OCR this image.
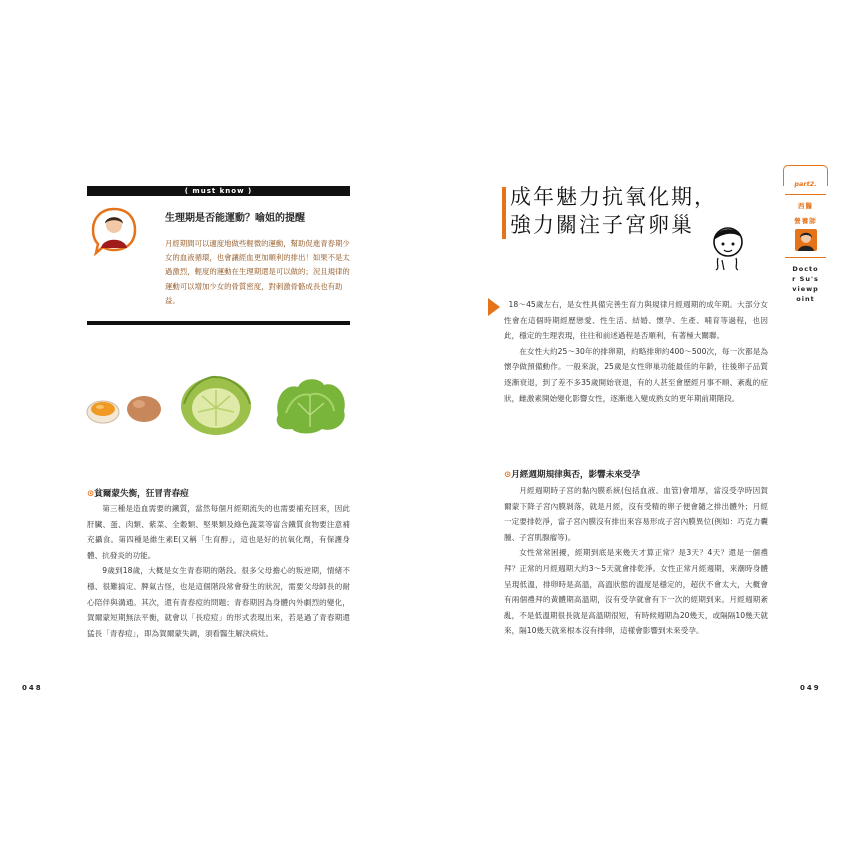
( must know )
生理期是否能運動？喻姐的提醒
月經期間可以適度地做些輕微的運動，幫助促進青春期少女的血液循環，也會讓經血更加順利的排出！如果不是太過激烈，輕度的運動在生理期還是可以做的；況且規律的運動可以增加少女的骨質密度，對刺激骨骼成長也有助益。
⊙貧爾蒙失衡，狂冒青春痘

第三種是造血需要的鐵質，當然每個月經期流失的也需要補充回來，因此肝臟、蛋、肉類、紫菜、全穀類、堅果類及綠色蔬菜等富含鐵質食物要注意補充攝食。第四種是維生素E(又稱「生育醇」，這也是好的抗氧化劑，有保護身體、抗發炎的功能。

9歲到18歲，大概是女生青春期的階段。很多父母擔心的叛逆期，情緒不穩、很難搞定、脾氣古怪，也是這個階段常會發生的狀況，需要父母師長的耐心陪伴與溝通。其次，還有青春痘的問題；青春期因為身體內外劇烈的變化，賀爾蒙短期無法平衡，就會以「長痘痘」的形式表現出來，若是過了青春期還猛長「青春痘」，即為賀爾蒙失調，須看醫生解決病灶。

048
成年魅力抗氧化期，
強力關注子宮卵巢

18～45歲左右，是女性具備完善生育力與規律月經週期的成年期。大部分女性會在這個時期經歷戀愛、性生活、結婚、懷孕、生產、哺育等過程，也因此，穩定的生理表現，往往和前述過程是否順利，有著極大關聯。

在女性大約25～30年的排卵期，約略排卵約400～500次，每一次都是為懷孕做預備動作。一般來說，25歲是女性卵巢功能最佳的年齡，往後卵子品質逐漸衰退，到了差不多35歲開始衰退，有的人甚至會歷經月事不順、紊亂的症狀，雌激素開始變化影響女性，逐漸進入變成熟女的更年期前期階段。

⊙月經週期規律與否，影響未來受孕

月經週期時子宮的黏內膜系統(包括血液、血管)會增厚，當沒受孕時因賀爾蒙下降子宮內膜剝落，就是月經，沒有受精的卵子便會隨之排出體外；月經一定要排乾淨，當子宮內膜沒有排出來容易形成子宮內膜異位(例如：巧克力囊腫、子宮肌腺瘤等)。

女性常常困擾，經期到底是來幾天才算正常？是3天？4天？還是一個禮拜？正常的月經週期大約3～5天就會排乾淨。女性正常月經週期，來潮時身體呈現低溫，排卵時是高溫，高溫狀態的溫度是穩定的，超伏不會太大，大概會有兩個禮拜的黃體期高溫期，沒有受孕就會有下一次的經期到來。月經週期紊亂，不是低溫期很長就是高溫期很短，有時候週期為20幾天，或隔隔10幾天就來，隔10幾天就來根本沒有排卵，這樣會影響到未來受孕。

049
part2.
西醫
營養師
Doctor Su's viewpoint
